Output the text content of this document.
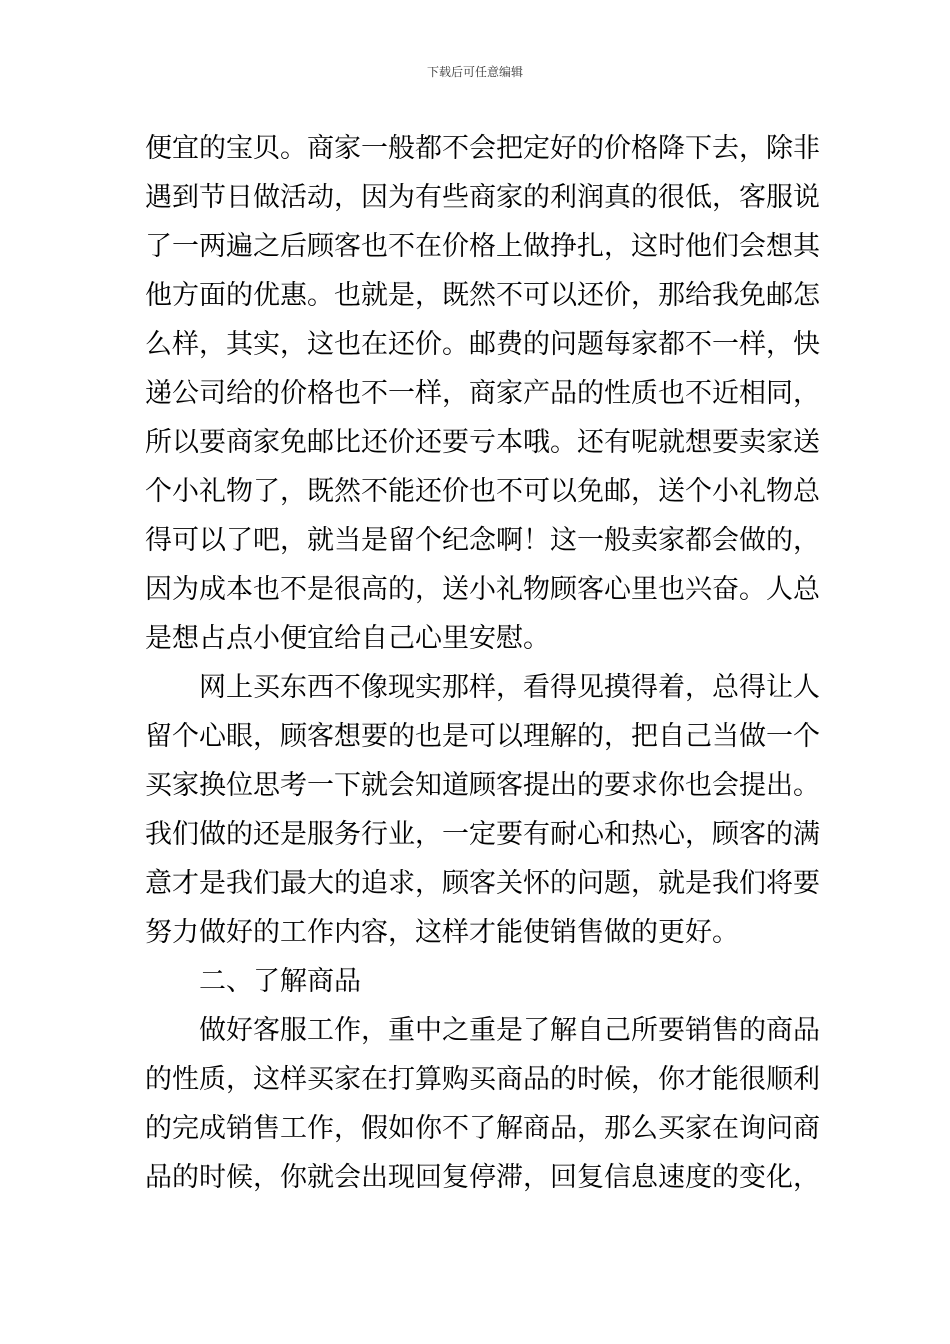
下载后可任意编辑
便宜的宝贝。商家一般都不会把定好的价格降下去，除非
遇到节日做活动，因为有些商家的利润真的很低，客服说
了一两遍之后顾客也不在价格上做挣扎，这时他们会想其
他方面的优惠。也就是，既然不可以还价，那给我免邮怎
么样，其实，这也在还价。邮费的问题每家都不一样，快
递公司给的价格也不一样，商家产品的性质也不近相同，
所以要商家免邮比还价还要亏本哦。还有呢就想要卖家送
个小礼物了，既然不能还价也不可以免邮，送个小礼物总
得可以了吧，就当是留个纪念啊！这一般卖家都会做的，
因为成本也不是很高的，送小礼物顾客心里也兴奋。人总
是想占点小便宜给自己心里安慰。
网上买东西不像现实那样，看得见摸得着，总得让人
留个心眼，顾客想要的也是可以理解的，把自己当做一个
买家换位思考一下就会知道顾客提出的要求你也会提出。
我们做的还是服务行业，一定要有耐心和热心，顾客的满
意才是我们最大的追求，顾客关怀的问题，就是我们将要
努力做好的工作内容，这样才能使销售做的更好。
二、了解商品
做好客服工作，重中之重是了解自己所要销售的商品
的性质，这样买家在打算购买商品的时候，你才能很顺利
的完成销售工作，假如你不了解商品，那么买家在询问商
品的时候，你就会出现回复停滞，回复信息速度的变化，
